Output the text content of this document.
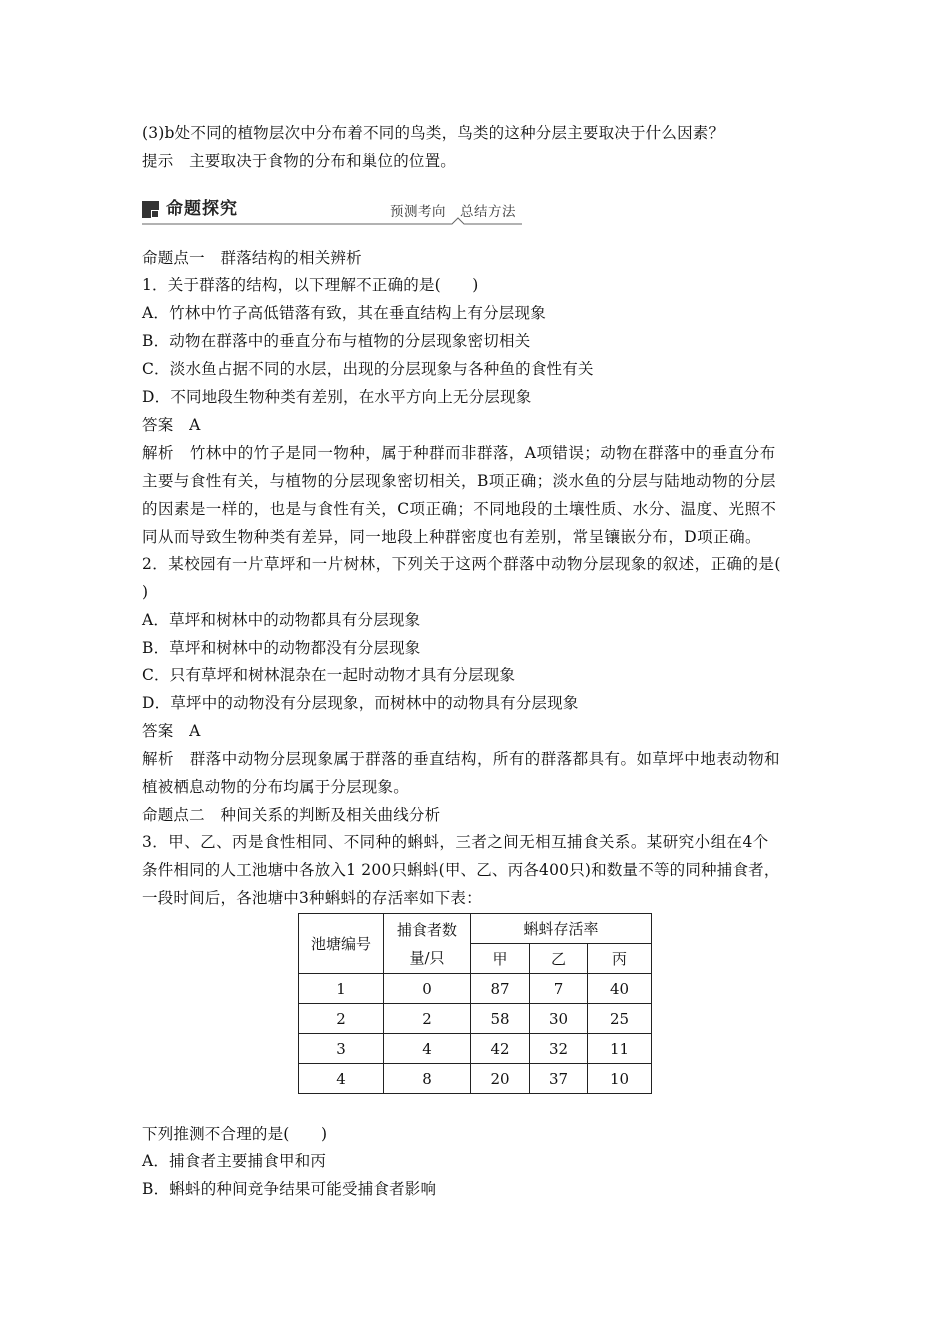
(3)b处不同的植物层次中分布着不同的鸟类，鸟类的这种分层主要取决于什么因素？
提示　主要取决于食物的分布和巢位的位置。
命题探究	预测考向　总结方法
命题点一　群落结构的相关辨析
1．关于群落的结构，以下理解不正确的是(　　)
A．竹林中竹子高低错落有致，其在垂直结构上有分层现象
B．动物在群落中的垂直分布与植物的分层现象密切相关
C．淡水鱼占据不同的水层，出现的分层现象与各种鱼的食性有关
D．不同地段生物种类有差别，在水平方向上无分层现象
答案　A
解析　竹林中的竹子是同一物种，属于种群而非群落，A项错误；动物在群落中的垂直分布
主要与食性有关，与植物的分层现象密切相关，B项正确；淡水鱼的分层与陆地动物的分层
的因素是一样的，也是与食性有关，C项正确；不同地段的土壤性质、水分、温度、光照不
同从而导致生物种类有差异，同一地段上种群密度也有差别，常呈镶嵌分布，D项正确。
2．某校园有一片草坪和一片树林，下列关于这两个群落中动物分层现象的叙述，正确的是(
)
A．草坪和树林中的动物都具有分层现象
B．草坪和树林中的动物都没有分层现象
C．只有草坪和树林混杂在一起时动物才具有分层现象
D．草坪中的动物没有分层现象，而树林中的动物具有分层现象
答案　A
解析　群落中动物分层现象属于群落的垂直结构，所有的群落都具有。如草坪中地表动物和
植被栖息动物的分布均属于分层现象。
命题点二　种间关系的判断及相关曲线分析
3．甲、乙、丙是食性相同、不同种的蝌蚪，三者之间无相互捕食关系。某研究小组在4个
条件相同的人工池塘中各放入1 200只蝌蚪(甲、乙、丙各400只)和数量不等的同种捕食者，
一段时间后，各池塘中3种蝌蚪的存活率如下表：
池塘编号	捕食者数
量/只	蝌蚪存活率		
		甲	乙	丙
1	0	87	7	40
2	2	58	30	25
3	4	42	32	11
4	8	20	37	10
下列推测不合理的是(　　)
A．捕食者主要捕食甲和丙
B．蝌蚪的种间竞争结果可能受捕食者影响
